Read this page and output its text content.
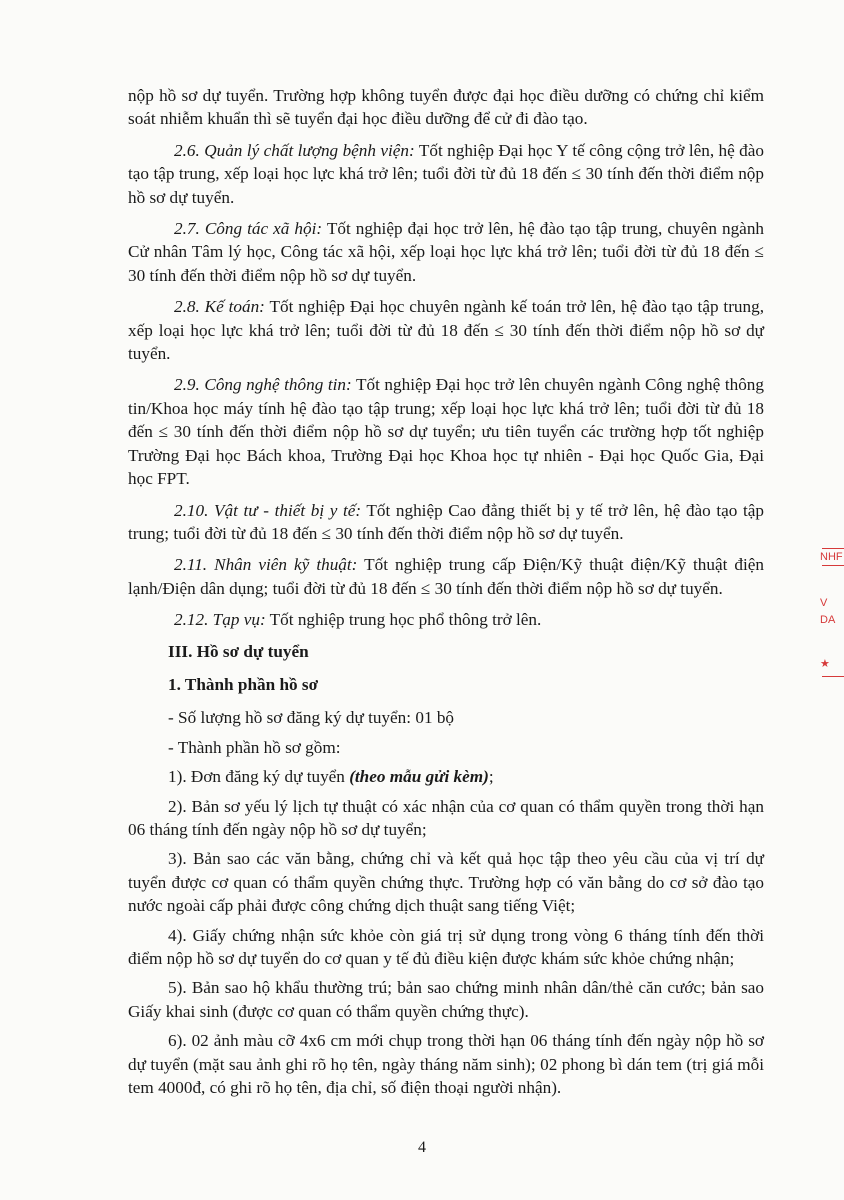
nộp hồ sơ dự tuyển. Trường hợp không tuyển được đại học điều dưỡng có chứng chỉ kiểm soát nhiễm khuẩn thì sẽ tuyển đại học điều dưỡng để cử đi đào tạo.

2.6. Quản lý chất lượng bệnh viện: Tốt nghiệp Đại học Y tế công cộng trở lên, hệ đào tạo tập trung, xếp loại học lực khá trở lên; tuổi đời từ đủ 18 đến ≤ 30 tính đến thời điểm nộp hồ sơ dự tuyển.

2.7. Công tác xã hội: Tốt nghiệp đại học trở lên, hệ đào tạo tập trung, chuyên ngành Cử nhân Tâm lý học, Công tác xã hội, xếp loại học lực khá trở lên; tuổi đời từ đủ 18 đến ≤ 30 tính đến thời điểm nộp hồ sơ dự tuyển.

2.8. Kế toán: Tốt nghiệp Đại học chuyên ngành kế toán trở lên, hệ đào tạo tập trung, xếp loại học lực khá trở lên; tuổi đời từ đủ 18 đến ≤ 30 tính đến thời điểm nộp hồ sơ dự tuyển.

2.9. Công nghệ thông tin: Tốt nghiệp Đại học trở lên chuyên ngành Công nghệ thông tin/Khoa học máy tính hệ đào tạo tập trung; xếp loại học lực khá trở lên; tuổi đời từ đủ 18 đến ≤ 30 tính đến thời điểm nộp hồ sơ dự tuyển; ưu tiên tuyển các trường hợp tốt nghiệp Trường Đại học Bách khoa, Trường Đại học Khoa học tự nhiên - Đại học Quốc Gia, Đại học FPT.

2.10. Vật tư - thiết bị y tế: Tốt nghiệp Cao đẳng thiết bị y tế trở lên, hệ đào tạo tập trung; tuổi đời từ đủ 18 đến ≤ 30 tính đến thời điểm nộp hồ sơ dự tuyển.

2.11. Nhân viên kỹ thuật: Tốt nghiệp trung cấp Điện/Kỹ thuật điện/Kỹ thuật điện lạnh/Điện dân dụng; tuổi đời từ đủ 18 đến ≤ 30 tính đến thời điểm nộp hồ sơ dự tuyển.

2.12. Tạp vụ: Tốt nghiệp trung học phổ thông trở lên.

III. Hồ sơ dự tuyển

1. Thành phần hồ sơ

- Số lượng hồ sơ đăng ký dự tuyển: 01 bộ

- Thành phần hồ sơ gồm:

1). Đơn đăng ký dự tuyển (theo mẫu gửi kèm);

2). Bản sơ yếu lý lịch tự thuật có xác nhận của cơ quan có thẩm quyền trong thời hạn 06 tháng tính đến ngày nộp hồ sơ dự tuyển;

3). Bản sao các văn bằng, chứng chỉ và kết quả học tập theo yêu cầu của vị trí dự tuyển được cơ quan có thẩm quyền chứng thực. Trường hợp có văn bằng do cơ sở đào tạo nước ngoài cấp phải được công chứng dịch thuật sang tiếng Việt;

4). Giấy chứng nhận sức khỏe còn giá trị sử dụng trong vòng 6 tháng tính đến thời điểm nộp hồ sơ dự tuyển do cơ quan y tế đủ điều kiện được khám sức khỏe chứng nhận;

5). Bản sao hộ khẩu thường trú; bản sao chứng minh nhân dân/thẻ căn cước; bản sao Giấy khai sinh (được cơ quan có thẩm quyền chứng thực).

6). 02 ảnh màu cỡ 4x6 cm mới chụp trong thời hạn 06 tháng tính đến ngày nộp hồ sơ dự tuyển (mặt sau ảnh ghi rõ họ tên, ngày tháng năm sinh); 02 phong bì dán tem (trị giá mỗi tem 4000đ, có ghi rõ họ tên, địa chỉ, số điện thoại người nhận).

4
NHF
V
DA
★
